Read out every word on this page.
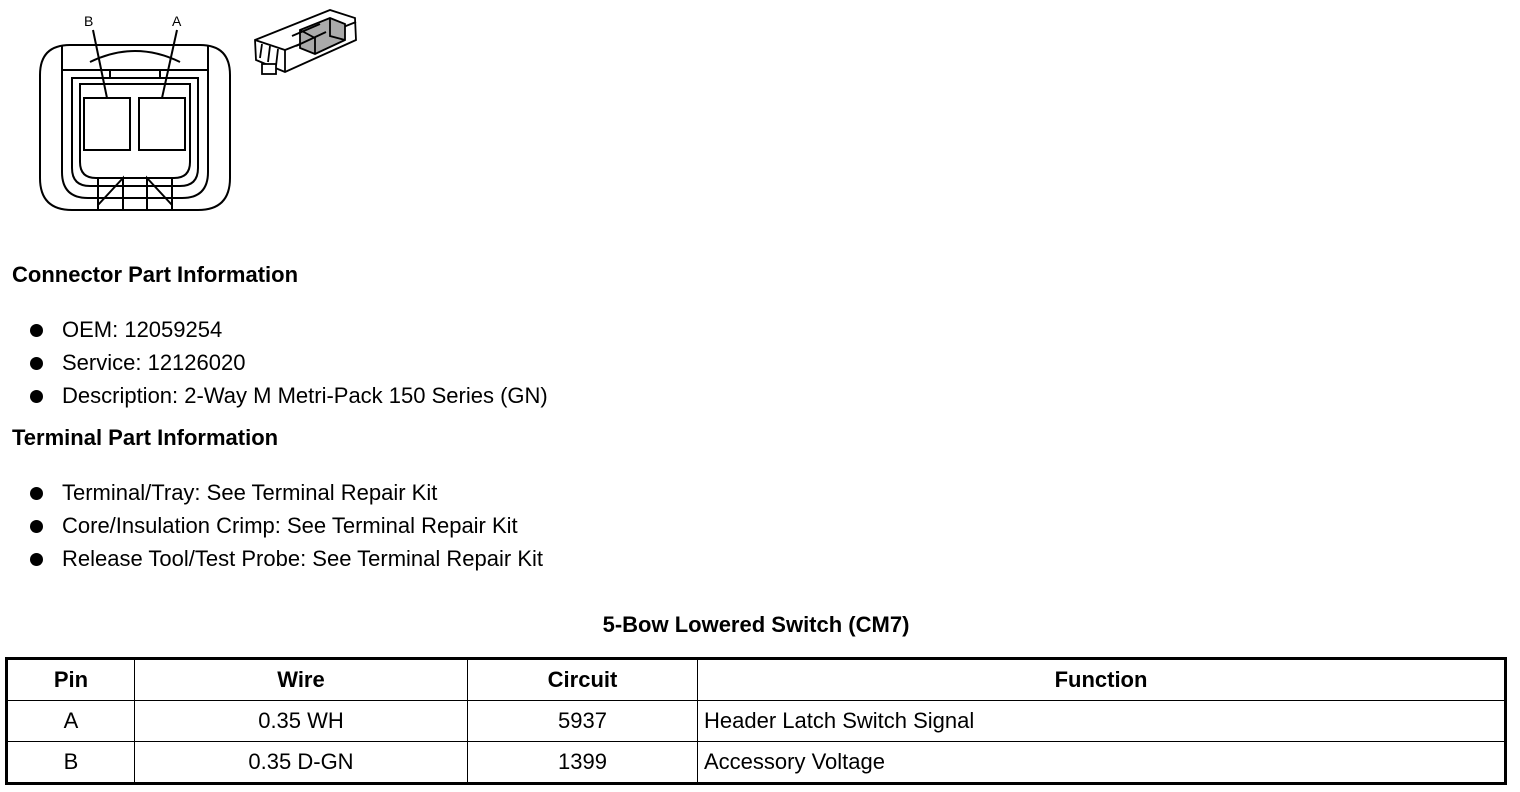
B	A
Connector Part Information
OEM: 12059254
Service: 12126020
Description: 2-Way M Metri-Pack 150 Series (GN)
Terminal Part Information
Terminal/Tray: See Terminal Repair Kit
Core/Insulation Crimp: See Terminal Repair Kit
Release Tool/Test Probe: See Terminal Repair Kit
5-Bow Lowered Switch (CM7)
Pin	Wire	Circuit	Function
A	0.35 WH	5937	Header Latch Switch Signal
B	0.35 D-GN	1399	Accessory Voltage
